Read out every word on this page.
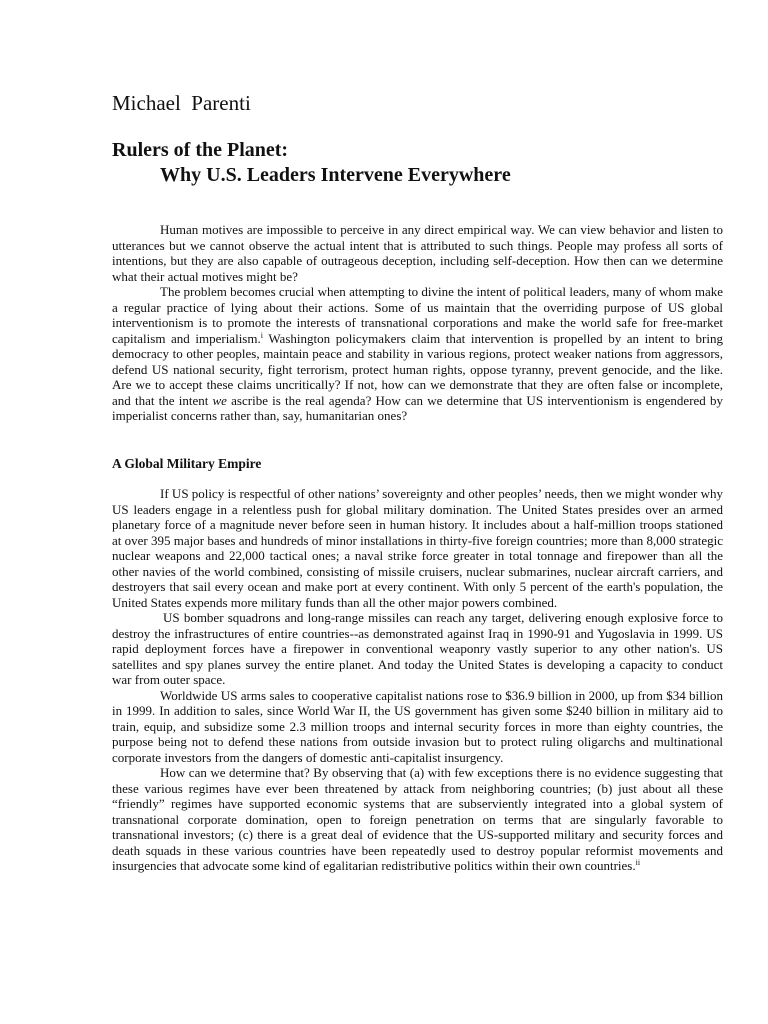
Michael  Parenti
Rulers of the Planet:
Why U.S. Leaders Intervene Everywhere

Human motives are impossible to perceive in any direct empirical way. We can view behavior and listen to utterances but we cannot observe the actual intent that is attributed to such things. People may profess all sorts of intentions, but they are also capable of outrageous deception, including self-deception. How then can we determine what their actual motives might be?

The problem becomes crucial when attempting to divine the intent of political leaders, many of whom make a regular practice of lying about their actions. Some of us maintain that the overriding purpose of US global interventionism is to promote the interests of transnational corporations and make the world safe for free-market capitalism and imperialism.$^i$ Washington policymakers claim that intervention is propelled by an intent to bring democracy to other peoples, maintain peace and stability in various regions, protect weaker nations from aggressors, defend US national security, fight terrorism, protect human rights, oppose tyranny, prevent genocide, and the like. Are we to accept these claims uncritically? If not, how can we demonstrate that they are often false or incomplete, and that the intent we ascribe is the real agenda? How can we determine that US interventionism is engendered by imperialist concerns rather than, say, humanitarian ones?

A Global Military Empire

If US policy is respectful of other nations’ sovereignty and other peoples’ needs, then we might wonder why US leaders engage in a relentless push for global military domination. The United States presides over an armed planetary force of a magnitude never before seen in human history. It includes about a half-million troops stationed at over 395 major bases and hundreds of minor installations in thirty-five foreign countries; more than 8,000 strategic nuclear weapons and 22,000 tactical ones; a naval strike force greater in total tonnage and firepower than all the other navies of the world combined, consisting of missile cruisers, nuclear submarines, nuclear aircraft carriers, and destroyers that sail every ocean and make port at every continent. With only 5 percent of the earth's population, the United States expends more military funds than all the other major powers combined.

US bomber squadrons and long-range missiles can reach any target, delivering enough explosive force to destroy the infrastructures of entire countries--as demonstrated against Iraq in 1990-91 and Yugoslavia in 1999. US rapid deployment forces have a firepower in conventional weaponry vastly superior to any other nation's. US satellites and spy planes survey the entire planet. And today the United States is developing a capacity to conduct war from outer space.

Worldwide US arms sales to cooperative capitalist nations rose to $36.9 billion in 2000, up from $34 billion in 1999. In addition to sales, since World War II, the US government has given some $240 billion in military aid to train, equip, and subsidize some 2.3 million troops and internal security forces in more than eighty countries, the purpose being not to defend these nations from outside invasion but to protect ruling oligarchs and multinational corporate investors from the dangers of domestic anti-capitalist insurgency.

How can we determine that? By observing that (a) with few exceptions there is no evidence suggesting that these various regimes have ever been threatened by attack from neighboring countries; (b) just about all these “friendly” regimes have supported economic systems that are subserviently integrated into a global system of transnational corporate domination, open to foreign penetration on terms that are singularly favorable to transnational investors; (c) there is a great deal of evidence that the US-supported military and security forces and death squads in these various countries have been repeatedly used to destroy popular reformist movements and insurgencies that advocate some kind of egalitarian redistributive politics within their own countries.$^{ii}$
